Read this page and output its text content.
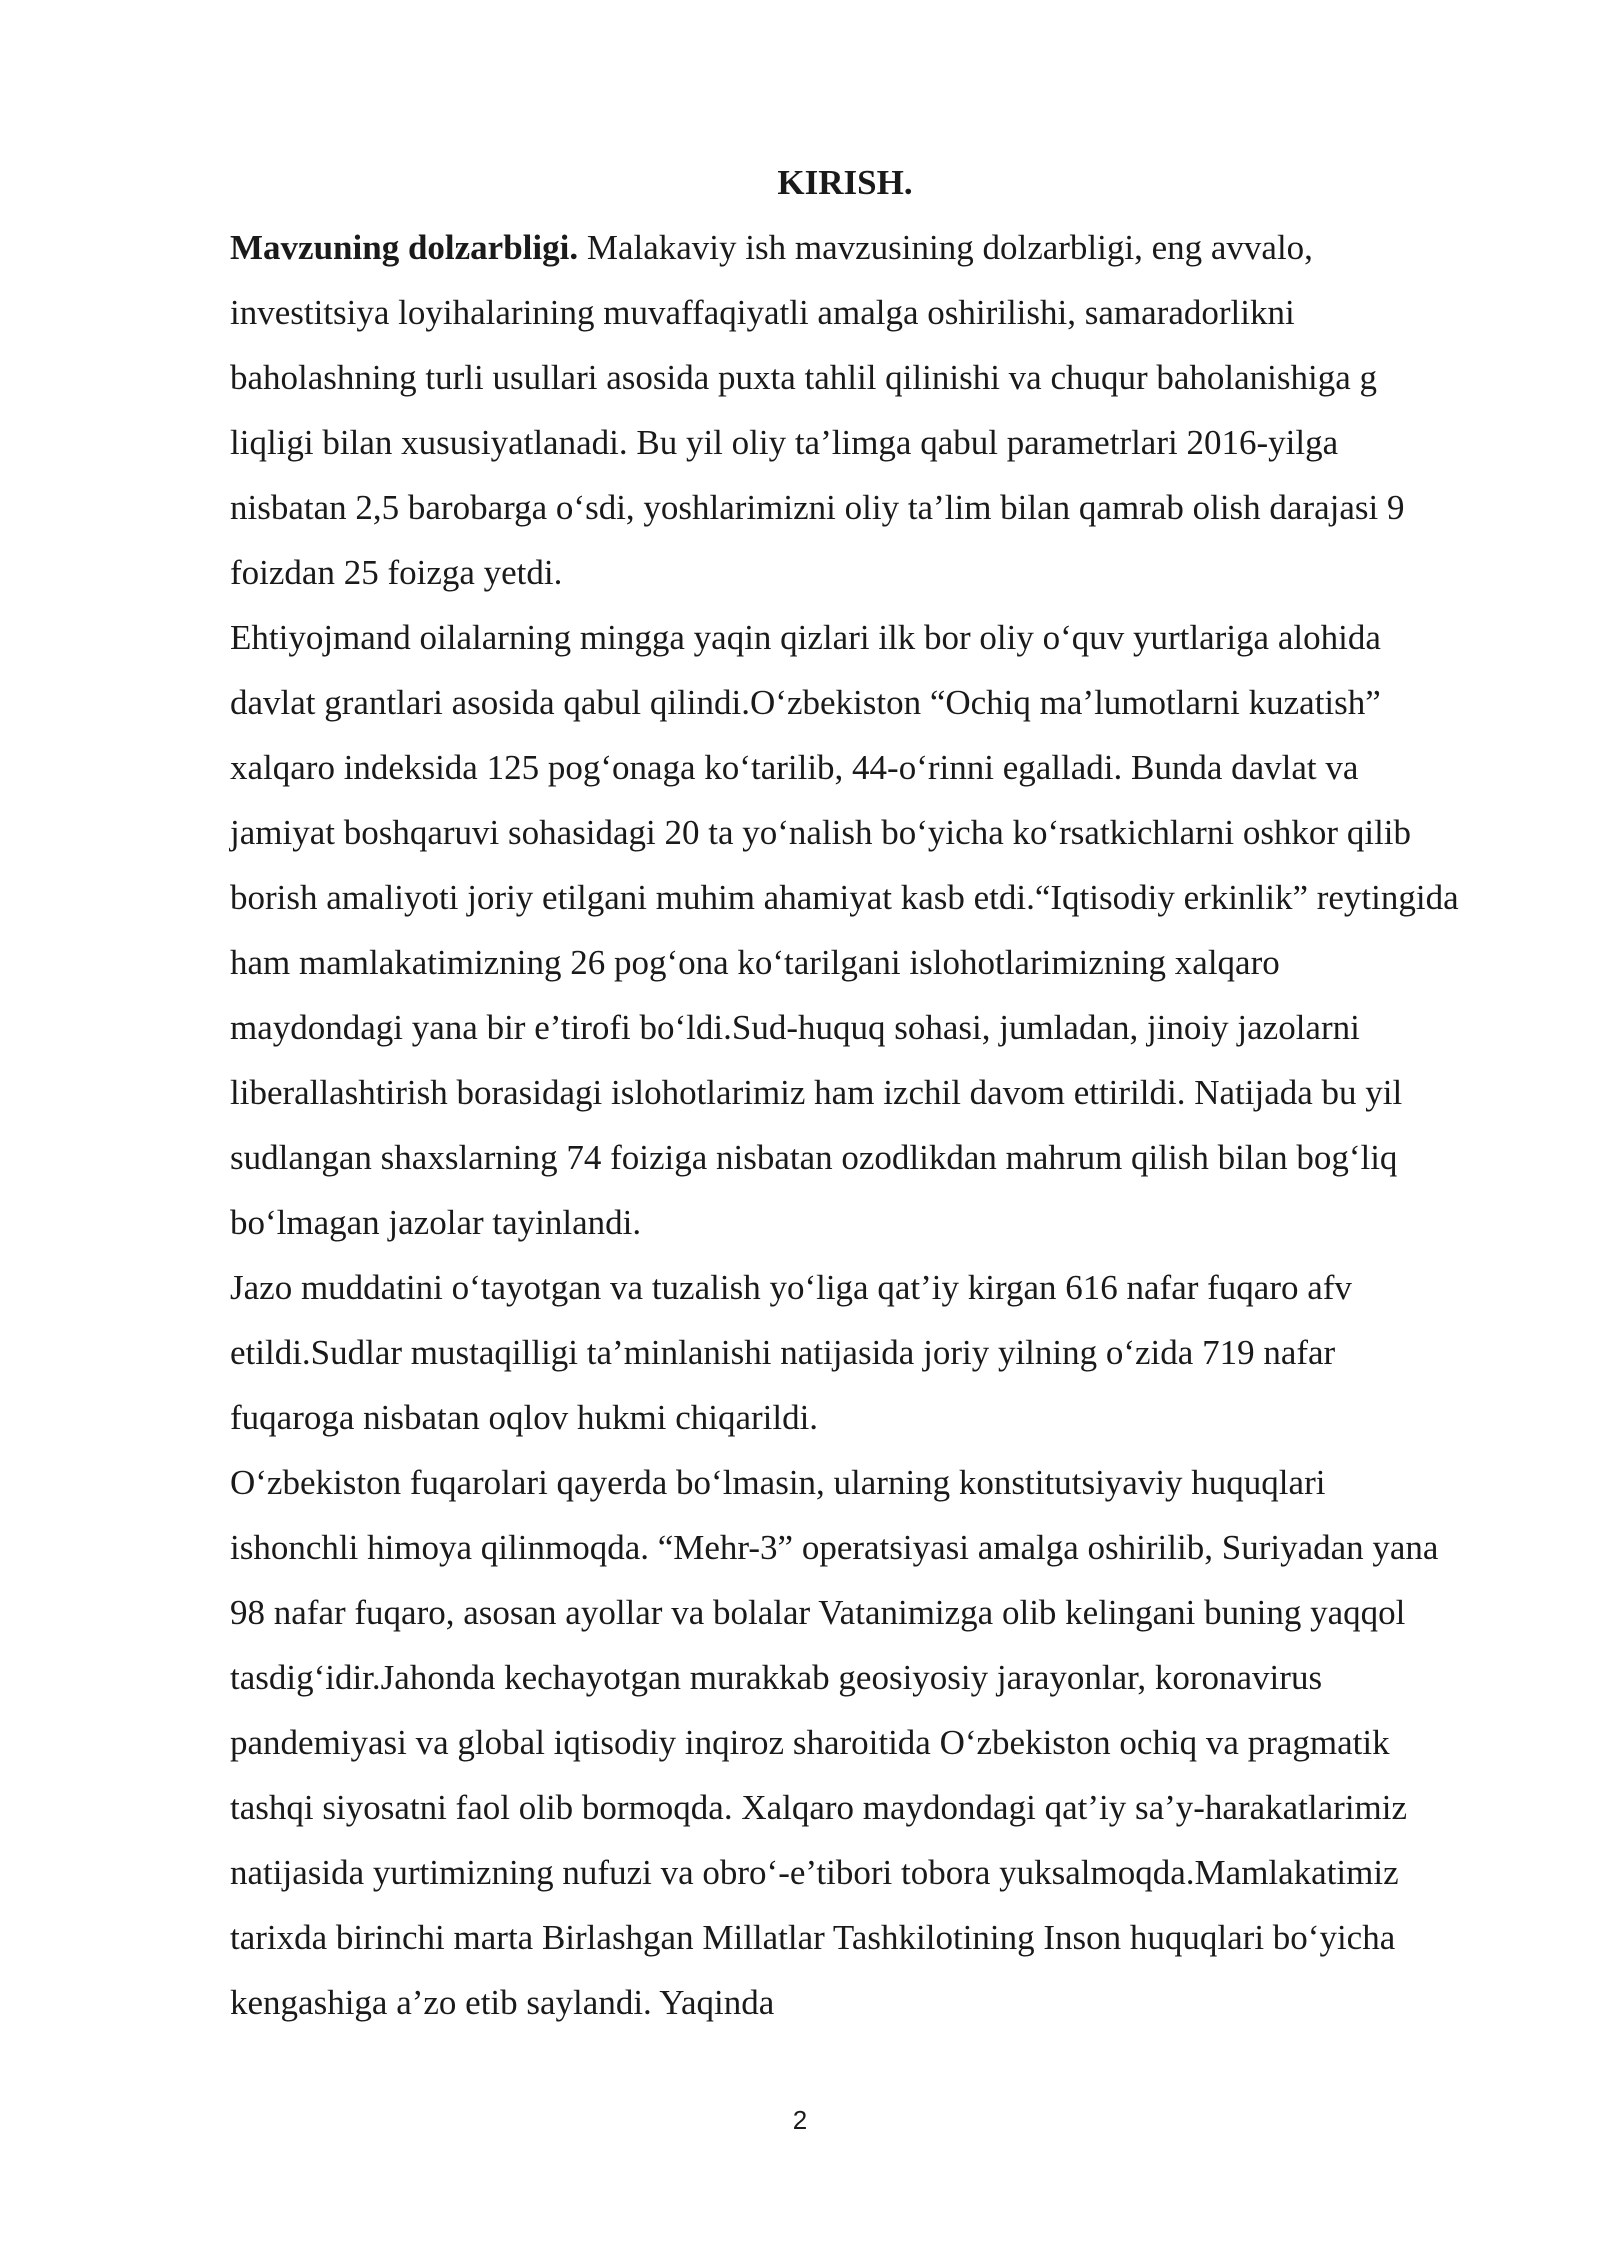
KIRISH.

Mavzuning dolzarbligi. Malakaviy ish mavzusining dolzarbligi, eng avvalo, investitsiya loyihalarining muvaffaqiyatli amalga oshirilishi, samaradorlikni baholashning turli usullari asosida puxta tahlil qilinishi va chuqur baholanishiga g liqligi bilan xususiyatlanadi. Bu yil oliy ta’limga qabul parametrlari 2016-yilga nisbatan 2,5 barobarga o‘sdi, yoshlarimizni oliy ta’lim bilan qamrab olish darajasi 9 foizdan 25 foizga yetdi.

Ehtiyojmand oilalarning mingga yaqin qizlari ilk bor oliy o‘quv yurtlariga alohida davlat grantlari asosida qabul qilindi.O‘zbekiston “Ochiq ma’lumotlarni kuzatish” xalqaro indeksida 125 pog‘onaga ko‘tarilib, 44-o‘rinni egalladi. Bunda davlat va jamiyat boshqaruvi sohasidagi 20 ta yo‘nalish bo‘yicha ko‘rsatkichlarni oshkor qilib borish amaliyoti joriy etilgani muhim ahamiyat kasb etdi.“Iqtisodiy erkinlik” reytingida ham mamlakatimizning 26 pog‘ona ko‘tarilgani islohotlarimizning xalqaro maydondagi yana bir e’tirofi bo‘ldi.Sud-huquq sohasi, jumladan, jinoiy jazolarni liberallashtirish borasidagi islohotlarimiz ham izchil davom ettirildi. Natijada bu yil sudlangan shaxslarning 74 foiziga nisbatan ozodlikdan mahrum qilish bilan bog‘liq bo‘lmagan jazolar tayinlandi.

Jazo muddatini o‘tayotgan va tuzalish yo‘liga qat’iy kirgan 616 nafar fuqaro afv etildi.Sudlar mustaqilligi ta’minlanishi natijasida joriy yilning o‘zida 719 nafar fuqaroga nisbatan oqlov hukmi chiqarildi.

O‘zbekiston fuqarolari qayerda bo‘lmasin, ularning konstitutsiyaviy huquqlari ishonchli himoya qilinmoqda. “Mehr-3” operatsiyasi amalga oshirilib, Suriyadan yana 98 nafar fuqaro, asosan ayollar va bolalar Vatanimizga olib kelingani buning yaqqol tasdig‘idir.Jahonda kechayotgan murakkab geosiyosiy jarayonlar, koronavirus pandemiyasi va global iqtisodiy inqiroz sharoitida O‘zbekiston ochiq va pragmatik tashqi siyosatni faol olib bormoqda. Xalqaro maydondagi qat’iy sa’y-harakatlarimiz natijasida yurtimizning nufuzi va obro‘-e’tibori tobora yuksalmoqda.Mamlakatimiz tarixda birinchi marta Birlashgan Millatlar Tashkilotining Inson huquqlari bo‘yicha kengashiga a’zo etib saylandi. Yaqinda

2
